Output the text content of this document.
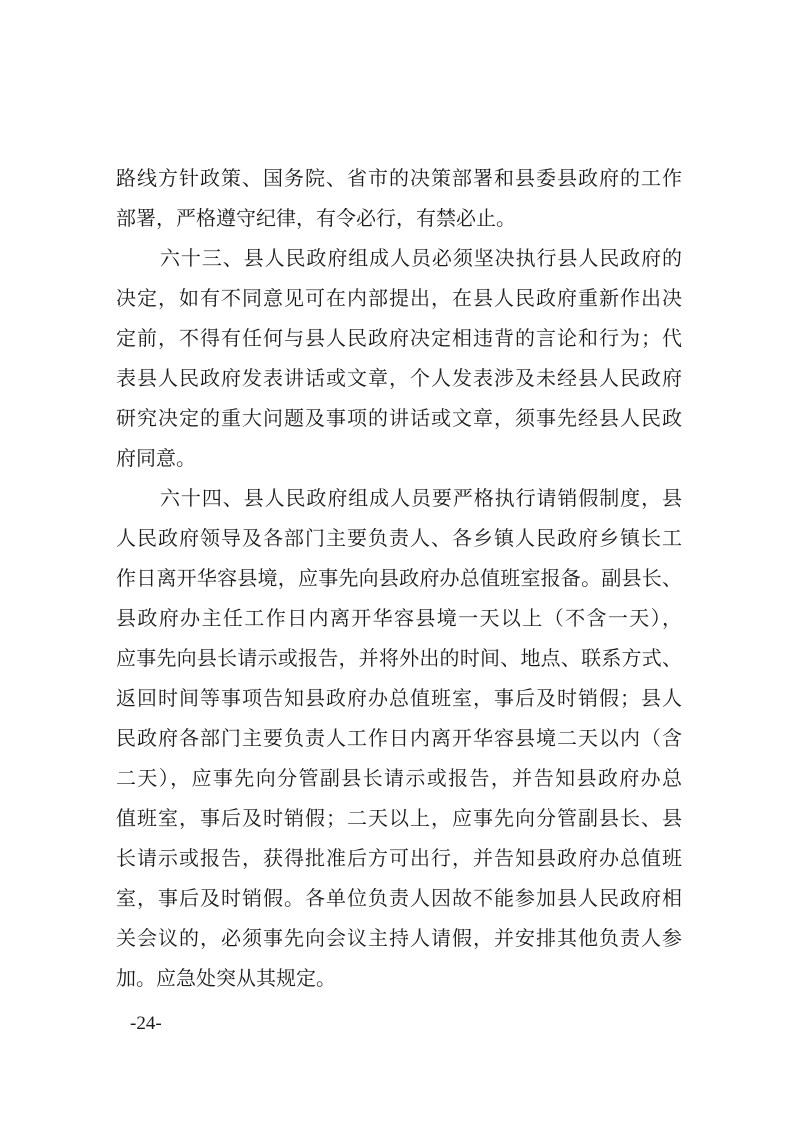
路线方针政策、国务院、省市的决策部署和县委县政府的工作
部署，严格遵守纪律，有令必行，有禁必止。
六十三、县人民政府组成人员必须坚决执行县人民政府的
决定，如有不同意见可在内部提出，在县人民政府重新作出决
定前，不得有任何与县人民政府决定相违背的言论和行为；代
表县人民政府发表讲话或文章，个人发表涉及未经县人民政府
研究决定的重大问题及事项的讲话或文章，须事先经县人民政
府同意。
六十四、县人民政府组成人员要严格执行请销假制度，县
人民政府领导及各部门主要负责人、各乡镇人民政府乡镇长工
作日离开华容县境，应事先向县政府办总值班室报备。副县长、
县政府办主任工作日内离开华容县境一天以上（不含一天），
应事先向县长请示或报告，并将外出的时间、地点、联系方式、
返回时间等事项告知县政府办总值班室，事后及时销假；县人
民政府各部门主要负责人工作日内离开华容县境二天以内（含
二天），应事先向分管副县长请示或报告，并告知县政府办总
值班室，事后及时销假；二天以上，应事先向分管副县长、县
长请示或报告，获得批准后方可出行，并告知县政府办总值班
室，事后及时销假。各单位负责人因故不能参加县人民政府相
关会议的，必须事先向会议主持人请假，并安排其他负责人参
加。应急处突从其规定。
-24-
